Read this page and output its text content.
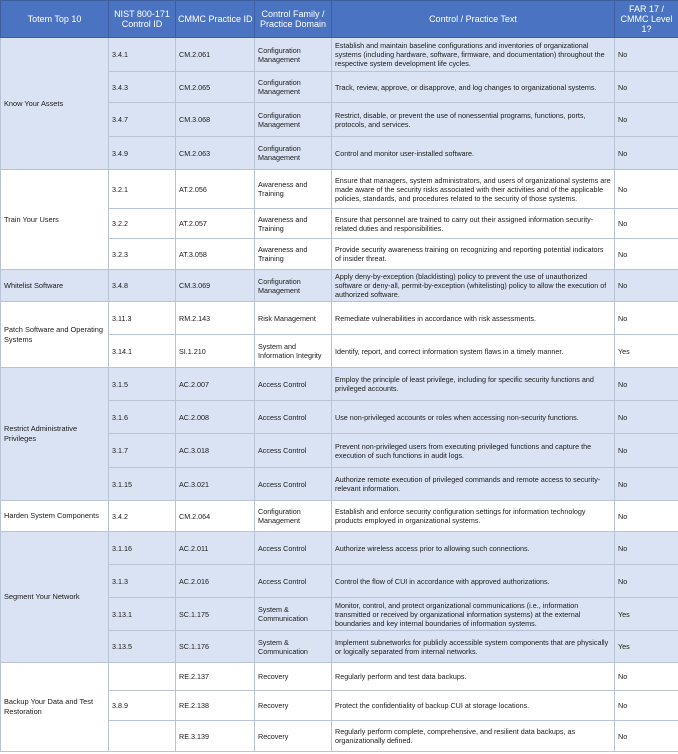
Totem Top 10	NIST 800-171 Control ID	CMMC Practice ID	Control Family / Practice Domain	Control / Practice Text	FAR 17 / CMMC Level 1?
Know Your Assets	3.4.1	CM.2.061	Configuration Management	Establish and maintain baseline configurations and inventories of organizational systems (including hardware, software, firmware, and documentation) throughout the respective system development life cycles.	No
	3.4.3	CM.2.065	Configuration Management	Track, review, approve, or disapprove, and log changes to organizational systems.	No
	3.4.7	CM.3.068	Configuration Management	Restrict, disable, or prevent the use of nonessential programs, functions, ports, protocols, and services.	No
	3.4.9	CM.2.063	Configuration Management	Control and monitor user-installed software.	No
Train Your Users	3.2.1	AT.2.056	Awareness and Training	Ensure that managers, system administrators, and users of organizational systems are made aware of the security risks associated with their activities and of the applicable policies, standards, and procedures related to the security of those systems.	No
	3.2.2	AT.2.057	Awareness and Training	Ensure that personnel are trained to carry out their assigned information security-related duties and responsibilities.	No
	3.2.3	AT.3.058	Awareness and Training	Provide security awareness training on recognizing and reporting potential indicators of insider threat.	No
Whitelist Software	3.4.8	CM.3.069	Configuration Management	Apply deny-by-exception (blacklisting) policy to prevent the use of unauthorized software or deny-all, permit-by-exception (whitelisting) policy to allow the execution of authorized software.	No
Patch Software and Operating Systems	3.11.3	RM.2.143	Risk Management	Remediate vulnerabilities in accordance with risk assessments.	No
	3.14.1	SI.1.210	System and Information Integrity	Identify, report, and correct information system flaws in a timely manner.	Yes
Restrict Administrative Privileges	3.1.5	AC.2.007	Access Control	Employ the principle of least privilege, including for specific security functions and privileged accounts.	No
	3.1.6	AC.2.008	Access Control	Use non-privileged accounts or roles when accessing non-security functions.	No
	3.1.7	AC.3.018	Access Control	Prevent non-privileged users from executing privileged functions and capture the execution of such functions in audit logs.	No
	3.1.15	AC.3.021	Access Control	Authorize remote execution of privileged commands and remote access to security-relevant information.	No
Harden System Components	3.4.2	CM.2.064	Configuration Management	Establish and enforce security configuration settings for information technology products employed in organizational systems.	No
Segment Your Network	3.1.16	AC.2.011	Access Control	Authorize wireless access prior to allowing such connections.	No
	3.1.3	AC.2.016	Access Control	Control the flow of CUI in accordance with approved authorizations.	No
	3.13.1	SC.1.175	System & Communication	Monitor, control, and protect organizational communications (i.e., information transmitted or received by organizational information systems) at the external boundaries and key internal boundaries of information systems.	Yes
	3.13.5	SC.1.176	System & Communication	Implement subnetworks for publicly accessible system components that are physically or logically separated from internal networks.	Yes
Backup Your Data and Test Restoration		RE.2.137	Recovery	Regularly perform and test data backups.	No
	3.8.9	RE.2.138	Recovery	Protect the confidentiality of backup CUI at storage locations.	No
		RE.3.139	Recovery	Regularly perform complete, comprehensive, and resilient data backups, as organizationally defined.	No
